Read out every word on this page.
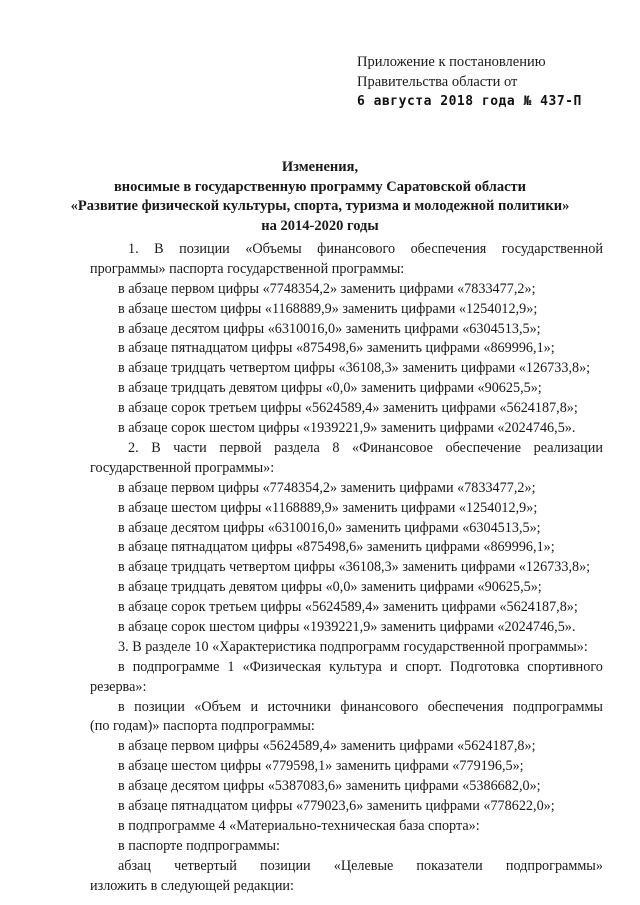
Приложение к постановлению
Правительства области от
6 августа 2018 года № 437-П
Изменения,
вносимые в государственную программу Саратовской области
«Развитие физической культуры, спорта, туризма и молодежной политики»
на 2014-2020 годы
1. В позиции «Объемы финансового обеспечения государственной
программы» паспорта государственной программы:
в абзаце первом цифры «7748354,2» заменить цифрами «7833477,2»;
в абзаце шестом цифры «1168889,9» заменить цифрами «1254012,9»;
в абзаце десятом цифры «6310016,0» заменить цифрами «6304513,5»;
в абзаце пятнадцатом цифры «875498,6» заменить цифрами «869996,1»;
в абзаце тридцать четвертом цифры «36108,3» заменить цифрами «126733,8»;
в абзаце тридцать девятом цифры «0,0» заменить цифрами «90625,5»;
в абзаце сорок третьем цифры «5624589,4» заменить цифрами «5624187,8»;
в абзаце сорок шестом цифры «1939221,9» заменить цифрами «2024746,5».
2. В части первой раздела 8 «Финансовое обеспечение реализации
государственной программы»:
в абзаце первом цифры «7748354,2» заменить цифрами «7833477,2»;
в абзаце шестом цифры «1168889,9» заменить цифрами «1254012,9»;
в абзаце десятом цифры «6310016,0» заменить цифрами «6304513,5»;
в абзаце пятнадцатом цифры «875498,6» заменить цифрами «869996,1»;
в абзаце тридцать четвертом цифры «36108,3» заменить цифрами «126733,8»;
в абзаце тридцать девятом цифры «0,0» заменить цифрами «90625,5»;
в абзаце сорок третьем цифры «5624589,4» заменить цифрами «5624187,8»;
в абзаце сорок шестом цифры «1939221,9» заменить цифрами «2024746,5».
3. В разделе 10 «Характеристика подпрограмм государственной программы»:
в подпрограмме 1 «Физическая культура и спорт. Подготовка спортивного
резерва»:
в позиции «Объем и источники финансового обеспечения подпрограммы
(по годам)» паспорта подпрограммы:
в абзаце первом цифры «5624589,4» заменить цифрами «5624187,8»;
в абзаце шестом цифры «779598,1» заменить цифрами «779196,5»;
в абзаце десятом цифры «5387083,6» заменить цифрами «5386682,0»;
в абзаце пятнадцатом цифры «779023,6» заменить цифрами «778622,0»;
в подпрограмме 4 «Материально-техническая база спорта»:
в паспорте подпрограммы:
абзац четвертый позиции «Целевые показатели подпрограммы»
изложить в следующей редакции:
